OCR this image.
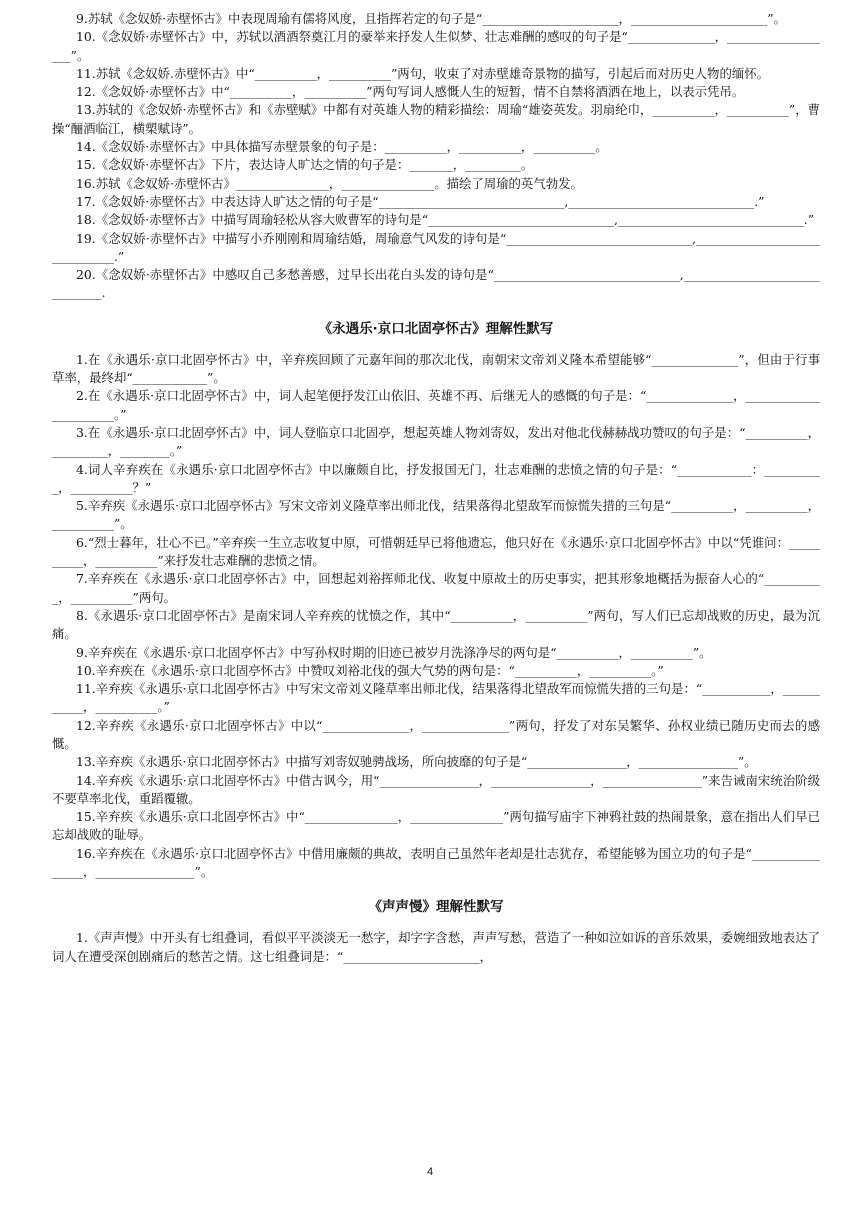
9.苏轼《念奴娇·赤壁怀古》中表现周瑜有儒将风度，且指挥若定的句子是“______________________，______________________”。

10.《念奴娇·赤壁怀古》中，苏轼以酒酒祭奠江月的豪举来抒发人生似梦、壮志难酬的感叹的句子是“______________，__________________”。

11.苏轼《念奴娇.赤壁怀古》中“__________，__________”两句，收束了对赤壁雄奇景物的描写，引起后而对历史人物的缅怀。

12.《念奴娇·赤壁怀古》中“__________，__________”两句写词人感慨人生的短暂，情不自禁将酒洒在地上，以表示凭吊。

13.苏轼的《念奴娇·赤壁怀古》和《赤壁赋》中都有对英雄人物的精彩描绘：周瑜“雄姿英发。羽扇纶巾，__________，__________”，曹操“酾酒临江，横槊赋诗”。

14.《念奴娇·赤壁怀古》中具体描写赤壁景象的句子是：__________，__________，__________。

15.《念奴娇·赤壁怀古》下片，表达诗人旷达之情的句子是：_______，_________。

16.苏轼《念奴娇·赤壁怀古》_______________，_______________。描绘了周瑜的英气勃发。

17.《念奴娇·赤壁怀古》中表达诗人旷达之情的句子是“______________________________,______________________________.”

18.《念奴娇·赤壁怀古》中描写周瑜轻松从容大败曹军的诗句是“______________________________,______________________________.”

19.《念奴娇·赤壁怀古》中描写小乔刚刚和周瑜结婚，周瑜意气风发的诗句是“______________________________,______________________________.”

20.《念奴娇·赤壁怀古》中感叹自己多愁善感，过早长出花白头发的诗句是“______________________________,______________________________.

《永遇乐·京口北固亭怀古》理解性默写

1.在《永遇乐·京口北固亭怀古》中，辛弃疾回顾了元嘉年间的那次北伐，南朝宋文帝刘义隆本希望能够“______________”，但由于行事草率，最终却“____________”。

2.在《永遇乐·京口北固亭怀古》中，词人起笔便抒发江山依旧、英雄不再、后继无人的感慨的句子是：“______________，______________________。”

3.在《永遇乐·京口北固亭怀古》中，词人登临京口北固亭，想起英雄人物刘寄奴，发出对他北伐赫赫战功赞叹的句子是：“__________，_________，________。”

4.词人辛弃疾在《永遇乐·京口北固亭怀古》中以廉颇自比，抒发报国无门，壮志难酬的悲愤之情的句子是：“____________：__________，__________？”

5.辛弃疾《永遇乐·京口北固亭怀古》写宋文帝刘义隆草率出师北伐，结果落得北望敌军而惊慌失措的三句是“__________，__________，__________”。

6.“烈士暮年，壮心不已。”辛弃疾一生立志收复中原，可惜朝廷早已将他遗忘，他只好在《永遇乐·京口北固亭怀古》中以“凭谁问：__________，__________”来抒发壮志难酬的悲愤之情。

7.辛弃疾在《永遇乐·京口北固亭怀古》中，回想起刘裕挥师北伐、收复中原故土的历史事实，把其形象地概括为振奋人心的“__________，__________”两句。

8.《永遇乐·京口北固亭怀古》是南宋词人辛弃疾的忧愤之作，其中“__________，__________”两句，写人们已忘却战败的历史，最为沉痛。

9.辛弃疾在《永遇乐·京口北固亭怀古》中写孙权时期的旧迹已被岁月洗涤净尽的两句是“__________，__________”。

10.辛弃疾在《永遇乐·京口北固亭怀古》中赞叹刘裕北伐的强大气势的两句是：“__________，__________。”

11.辛弃疾《永遇乐·京口北固亭怀古》中写宋文帝刘义隆草率出师北伐，结果落得北望敌军而惊慌失措的三句是：“___________，___________，__________。”

12.辛弃疾《永遇乐·京口北固亭怀古》中以“______________，______________”两句，抒发了对东吴繁华、孙权业绩已随历史而去的感慨。

13.辛弃疾《永遇乐·京口北固亭怀古》中描写刘寄奴驰骋战场，所向披靡的句子是“________________，________________”。

14.辛弃疾《永遇乐·京口北固亭怀古》中借古讽今，用“________________，________________，________________”来告诫南宋统治阶级不要草率北伐，重蹈覆辙。

15.辛弃疾《永遇乐·京口北固亭怀古》中“_______________，_______________”两句描写庙宇下神鸦社鼓的热闹景象，意在指出人们早已忘却战败的耻辱。

16.辛弃疾在《永遇乐·京口北固亭怀古》中借用廉颇的典故，表明自己虽然年老却是壮志犹存，希望能够为国立功的句子是“________________，________________”。

《声声慢》理解性默写

1.《声声慢》中开头有七组叠词，看似平平淡淡无一愁字，却字字含愁，声声写愁，营造了一种如泣如诉的音乐效果，委婉细致地表达了词人在遭受深创剧痛后的愁苦之情。这七组叠词是：“______________________，

4
